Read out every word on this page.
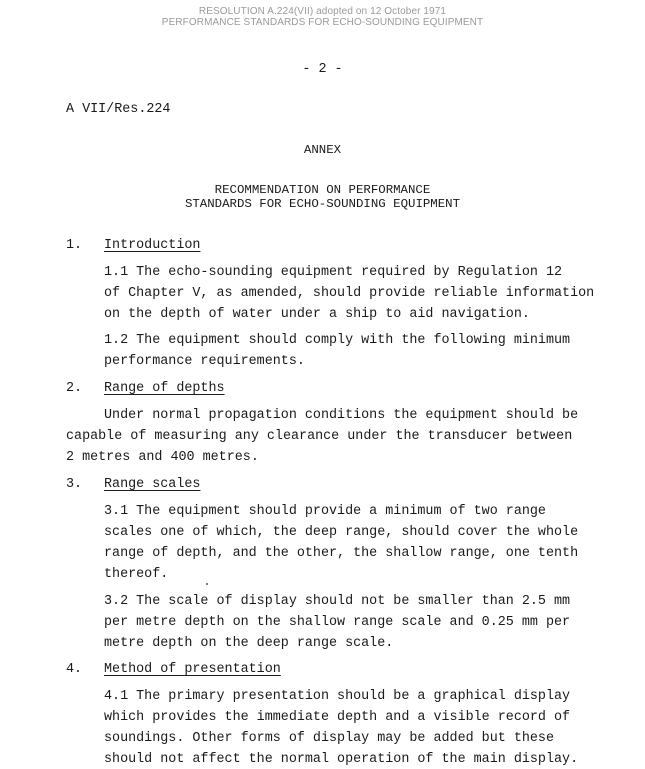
RESOLUTION A.224(VII) adopted on 12 October 1971
PERFORMANCE STANDARDS FOR ECHO-SOUNDING EQUIPMENT
- 2 -
A VII/Res.224
ANNEX
RECOMMENDATION ON PERFORMANCE
STANDARDS FOR ECHO-SOUNDING EQUIPMENT
1. Introduction
1.1 The echo-sounding equipment required by Regulation 12
of Chapter V, as amended, should provide reliable information
on the depth of water under a ship to aid navigation.
1.2 The equipment should comply with the following minimum
performance requirements.
2. Range of depths
Under normal propagation conditions the equipment should be
capable of measuring any clearance under the transducer between
2 metres and 400 metres.
3. Range scales
3.1 The equipment should provide a minimum of two range
scales one of which, the deep range, should cover the whole
range of depth, and the other, the shallow range, one tenth
thereof.
3.2 The scale of display should not be smaller than 2.5 mm
per metre depth on the shallow range scale and 0.25 mm per
metre depth on the deep range scale.
4. Method of presentation
4.1 The primary presentation should be a graphical display
which provides the immediate depth and a visible record of
soundings. Other forms of display may be added but these
should not affect the normal operation of the main display.
